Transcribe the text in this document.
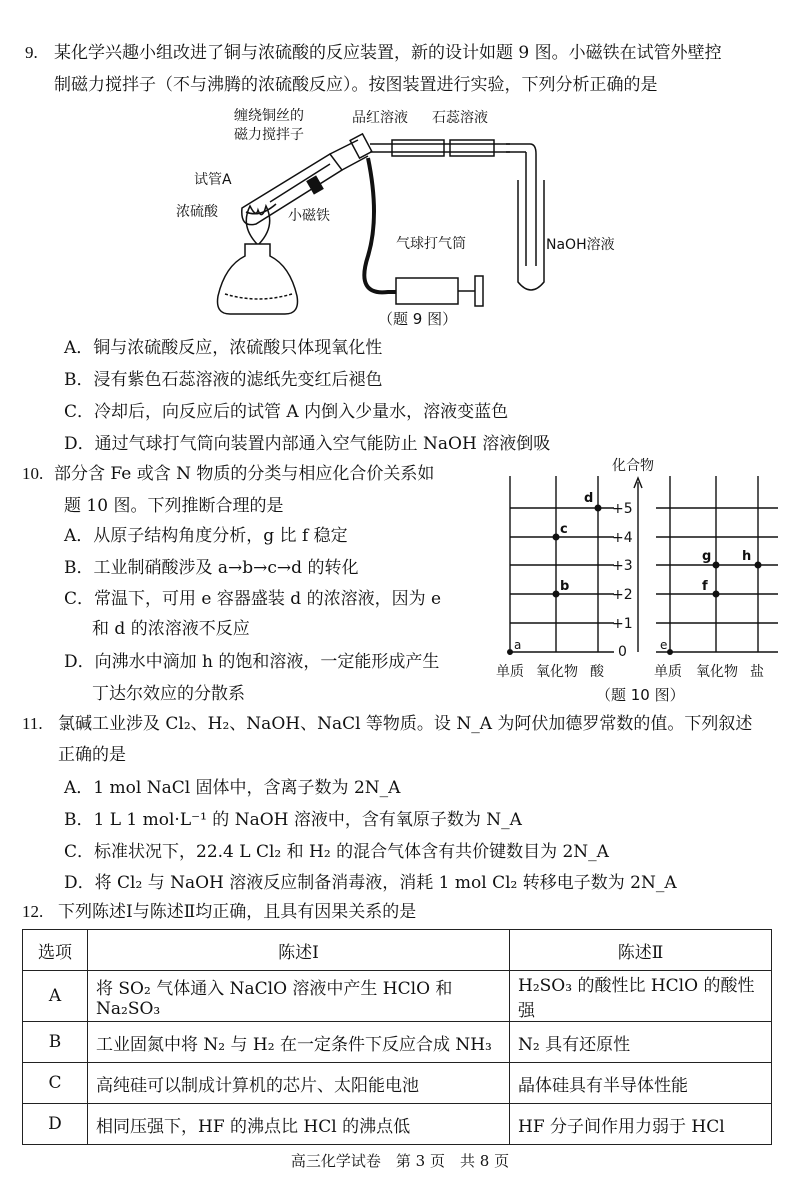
9. 某化学兴趣小组改进了铜与浓硫酸的反应装置，新的设计如题 9 图。小磁铁在试管外壁控
制磁力搅拌子（不与沸腾的浓硫酸反应）。按图装置进行实验，下列分析正确的是
缠绕铜丝的
磁力搅拌子
品红溶液 石蕊溶液
试管A
浓硫酸	小磁铁
气球打气筒	NaOH溶液
（题 9 图）
A．铜与浓硫酸反应，浓硫酸只体现氧化性
B．浸有紫色石蕊溶液的滤纸先变红后褪色
C．冷却后，向反应后的试管 A 内倒入少量水，溶液变蓝色
D．通过气球打气筒向装置内部通入空气能防止 NaOH 溶液倒吸
10. 部分含 Fe 或含 N 物质的分类与相应化合价关系如
题 10 图。下列推断合理的是
A．从原子结构角度分析，g 比 f 稳定
B．工业制硝酸涉及 a→b→c→d 的转化
C．常温下，可用 e 容器盛装 d 的浓溶液，因为 e
和 d 的浓溶液不反应
D．向沸水中滴加 h 的饱和溶液，一定能形成产生
丁达尔效应的分散系
化合物
+5
+4
+3
+2
+1
0
a
b
c
d
e
f
g h
单质 氧化物 酸	单质 氧化物 盐
（题 10 图）
11. 氯碱工业涉及 Cl₂、H₂、NaOH、NaCl 等物质。设 N_A 为阿伏加德罗常数的值。下列叙述
正确的是
A．1 mol NaCl 固体中，含离子数为 2N_A
B．1 L 1 mol·L⁻¹ 的 NaOH 溶液中，含有氧原子数为 N_A
C．标准状况下，22.4 L Cl₂ 和 H₂ 的混合气体含有共价键数目为 2N_A
D．将 Cl₂ 与 NaOH 溶液反应制备消毒液，消耗 1 mol Cl₂ 转移电子数为 2N_A
12. 下列陈述Ⅰ与陈述Ⅱ均正确，且具有因果关系的是
选项	陈述Ⅰ	陈述Ⅱ
A	将 SO₂ 气体通入 NaClO 溶液中产生 HClO 和 Na₂SO₃	H₂SO₃ 的酸性比 HClO 的酸性强
B	工业固氮中将 N₂ 与 H₂ 在一定条件下反应合成 NH₃	N₂ 具有还原性
C	高纯硅可以制成计算机的芯片、太阳能电池	晶体硅具有半导体性能
D	相同压强下，HF 的沸点比 HCl 的沸点低	HF 分子间作用力弱于 HCl
高三化学试卷　第 3 页　共 8 页
